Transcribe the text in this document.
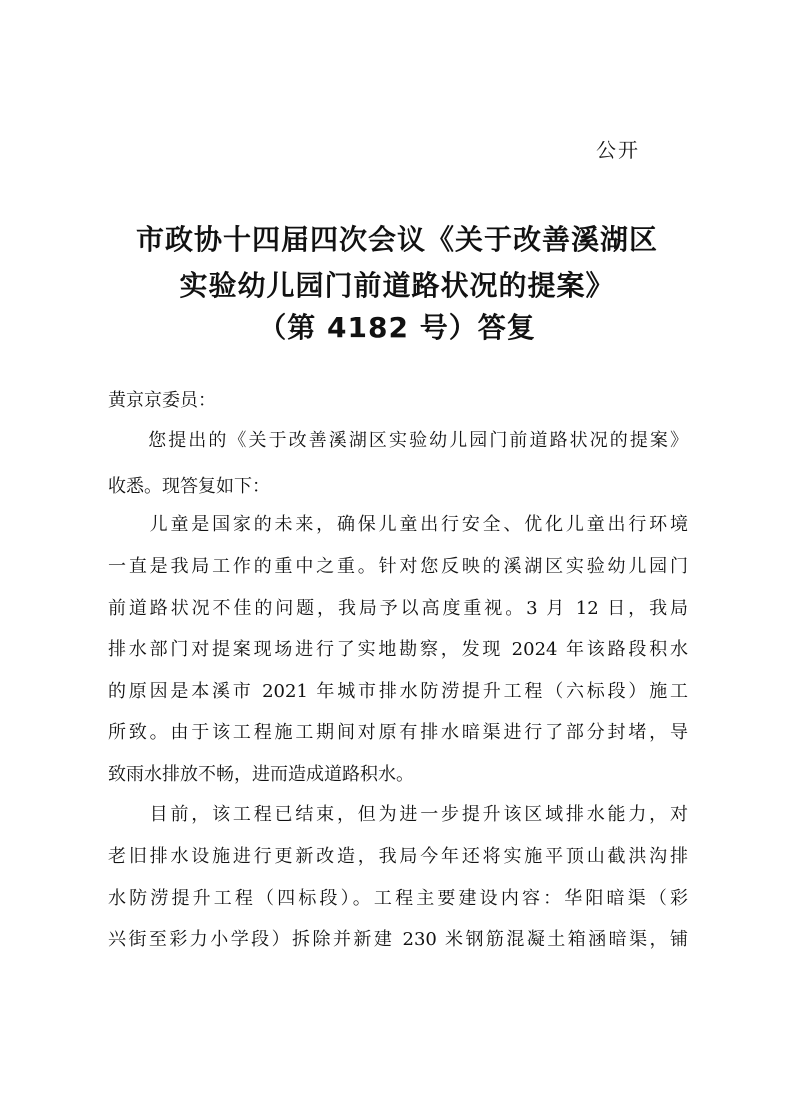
公开
市政协十四届四次会议《关于改善溪湖区
实验幼儿园门前道路状况的提案》
（第 4182 号）答复
黄京京委员：
　　您提出的《关于改善溪湖区实验幼儿园门前道路状况的提案》
收悉。现答复如下：
　　儿童是国家的未来，确保儿童出行安全、优化儿童出行环境
一直是我局工作的重中之重。针对您反映的溪湖区实验幼儿园门
前道路状况不佳的问题，我局予以高度重视。3 月 12 日，我局
排水部门对提案现场进行了实地勘察，发现 2024 年该路段积水
的原因是本溪市 2021 年城市排水防涝提升工程（六标段）施工
所致。由于该工程施工期间对原有排水暗渠进行了部分封堵，导
致雨水排放不畅，进而造成道路积水。
　　目前，该工程已结束，但为进一步提升该区域排水能力，对
老旧排水设施进行更新改造，我局今年还将实施平顶山截洪沟排
水防涝提升工程（四标段）。工程主要建设内容：华阳暗渠（彩
兴街至彩力小学段）拆除并新建 230 米钢筋混凝土箱涵暗渠，铺
